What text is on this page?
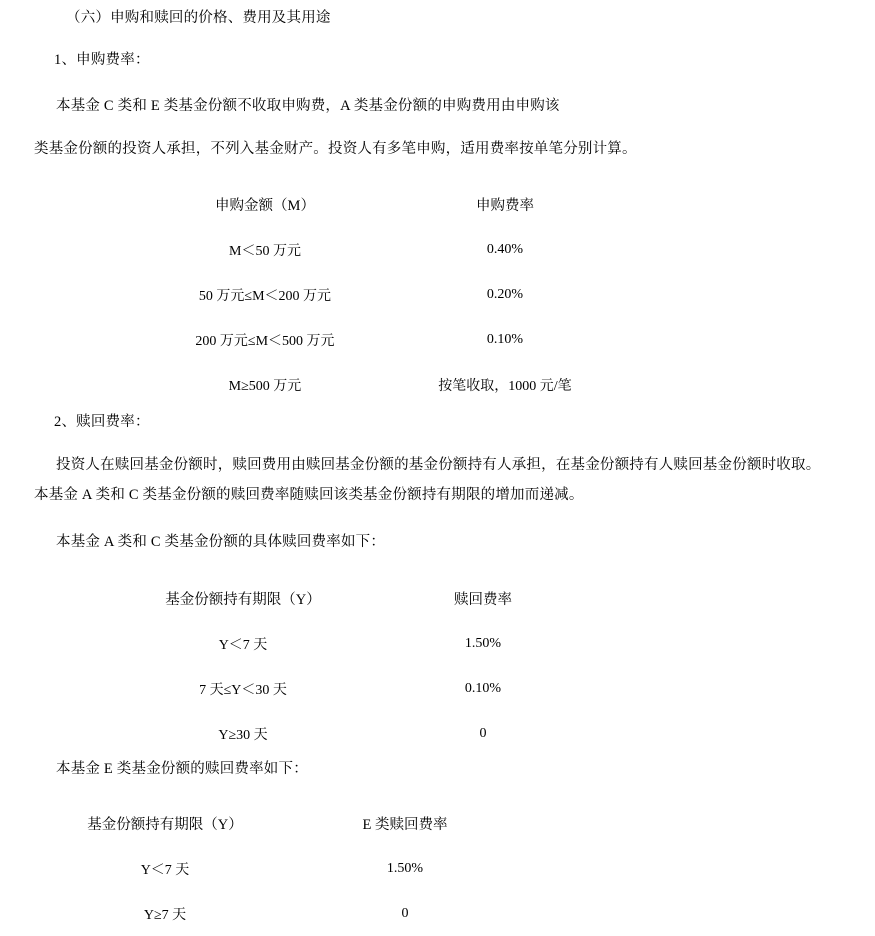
（六）申购和赎回的价格、费用及其用途
1、申购费率：
本基金 C 类和 E 类基金份额不收取申购费，A 类基金份额的申购费用由申购该
类基金份额的投资人承担，不列入基金财产。投资人有多笔申购，适用费率按单笔分别计算。
申购金额（M）	申购费率
M＜50 万元	0.40%
50 万元≤M＜200 万元	0.20%
200 万元≤M＜500 万元	0.10%
M≥500 万元	按笔收取，1000 元/笔
2、赎回费率：
投资人在赎回基金份额时，赎回费用由赎回基金份额的基金份额持有人承担，在基金份额持有人赎回基金份额时收取。
本基金 A 类和 C 类基金份额的赎回费率随赎回该类基金份额持有期限的增加而递减。
本基金 A 类和 C 类基金份额的具体赎回费率如下：
基金份额持有期限（Y）	赎回费率
Y＜7 天	1.50%
7 天≤Y＜30 天	0.10%
Y≥30 天	0
本基金 E 类基金份额的赎回费率如下：
基金份额持有期限（Y）	E 类赎回费率
Y＜7 天	1.50%
Y≥7 天	0
